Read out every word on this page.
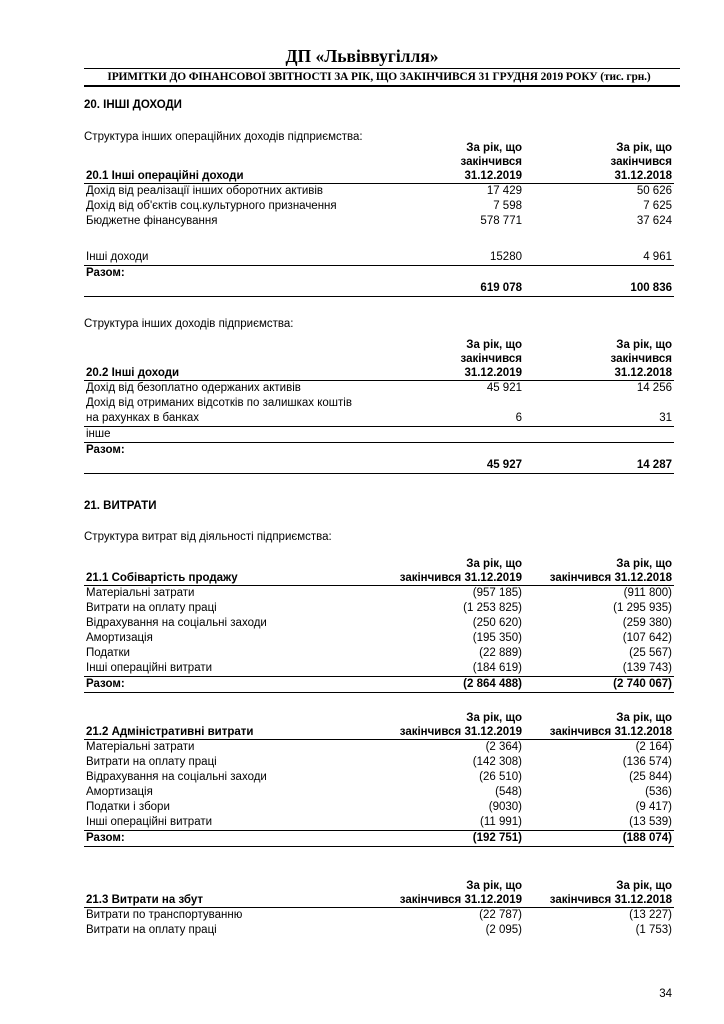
ДП «Львіввугілля»
ІРИМІТКИ ДО ФІНАНСОВОЇ ЗВІТНОСТІ ЗА РІК, ЩО ЗАКІНЧИВСЯ 31 ГРУДНЯ 2019 РОКУ (тис. грн.)
20. ІНШІ ДОХОДИ
Структура інших операційних доходів підприємства:
	За рік, що	За рік, що
	закінчився	закінчився
20.1 Інші операційні доходи	31.12.2019	31.12.2018
Дохід від реалізації інших оборотних активів	17 429	50 626
Дохід від об'єктів соц.культурного призначення	7 598	7 625
Бюджетне фінансування	578 771	37 624

Інші доходи	15280	4 961
Разом:		
	619 078	100 836
Структура інших доходів підприємства:
	За рік, що	За рік, що
	закінчився	закінчився
20.2 Інші доходи	31.12.2019	31.12.2018
Дохід від безоплатно одержаних активів	45 921	14 256
Дохід від отриманих відсотків по залишках коштів		
на рахунках в банках	6	31
інше		
Разом:		
	45 927	14 287
21. ВИТРАТИ
Структура витрат від діяльності підприємства:
	За рік, що	За рік, що
21.1 Собівартість продажу	закінчився 31.12.2019	закінчився 31.12.2018
Матеріальні затрати	(957 185)	(911 800)
Витрати на оплату праці	(1 253 825)	(1 295 935)
Відрахування на соціальні заходи	(250 620)	(259 380)
Амортизація	(195 350)	(107 642)
Податки	(22 889)	(25 567)
Інші операційні витрати	(184 619)	(139 743)
Разом:	(2 864 488)	(2 740 067)
	За рік, що	За рік, що
21.2 Адміністративні витрати	закінчився 31.12.2019	закінчився 31.12.2018
Матеріальні затрати	(2 364)	(2 164)
Витрати на оплату праці	(142 308)	(136 574)
Відрахування на соціальні заходи	(26 510)	(25 844)
Амортизація	(548)	(536)
Податки і збори	(9030)	(9 417)
Інші операційні витрати	(11 991)	(13 539)
Разом:	(192 751)	(188 074)
	За рік, що	За рік, що
21.3 Витрати на збут	закінчився 31.12.2019	закінчився 31.12.2018
Витрати по транспортуванню	(22 787)	(13 227)
Витрати на оплату праці	(2 095)	(1 753)
34
